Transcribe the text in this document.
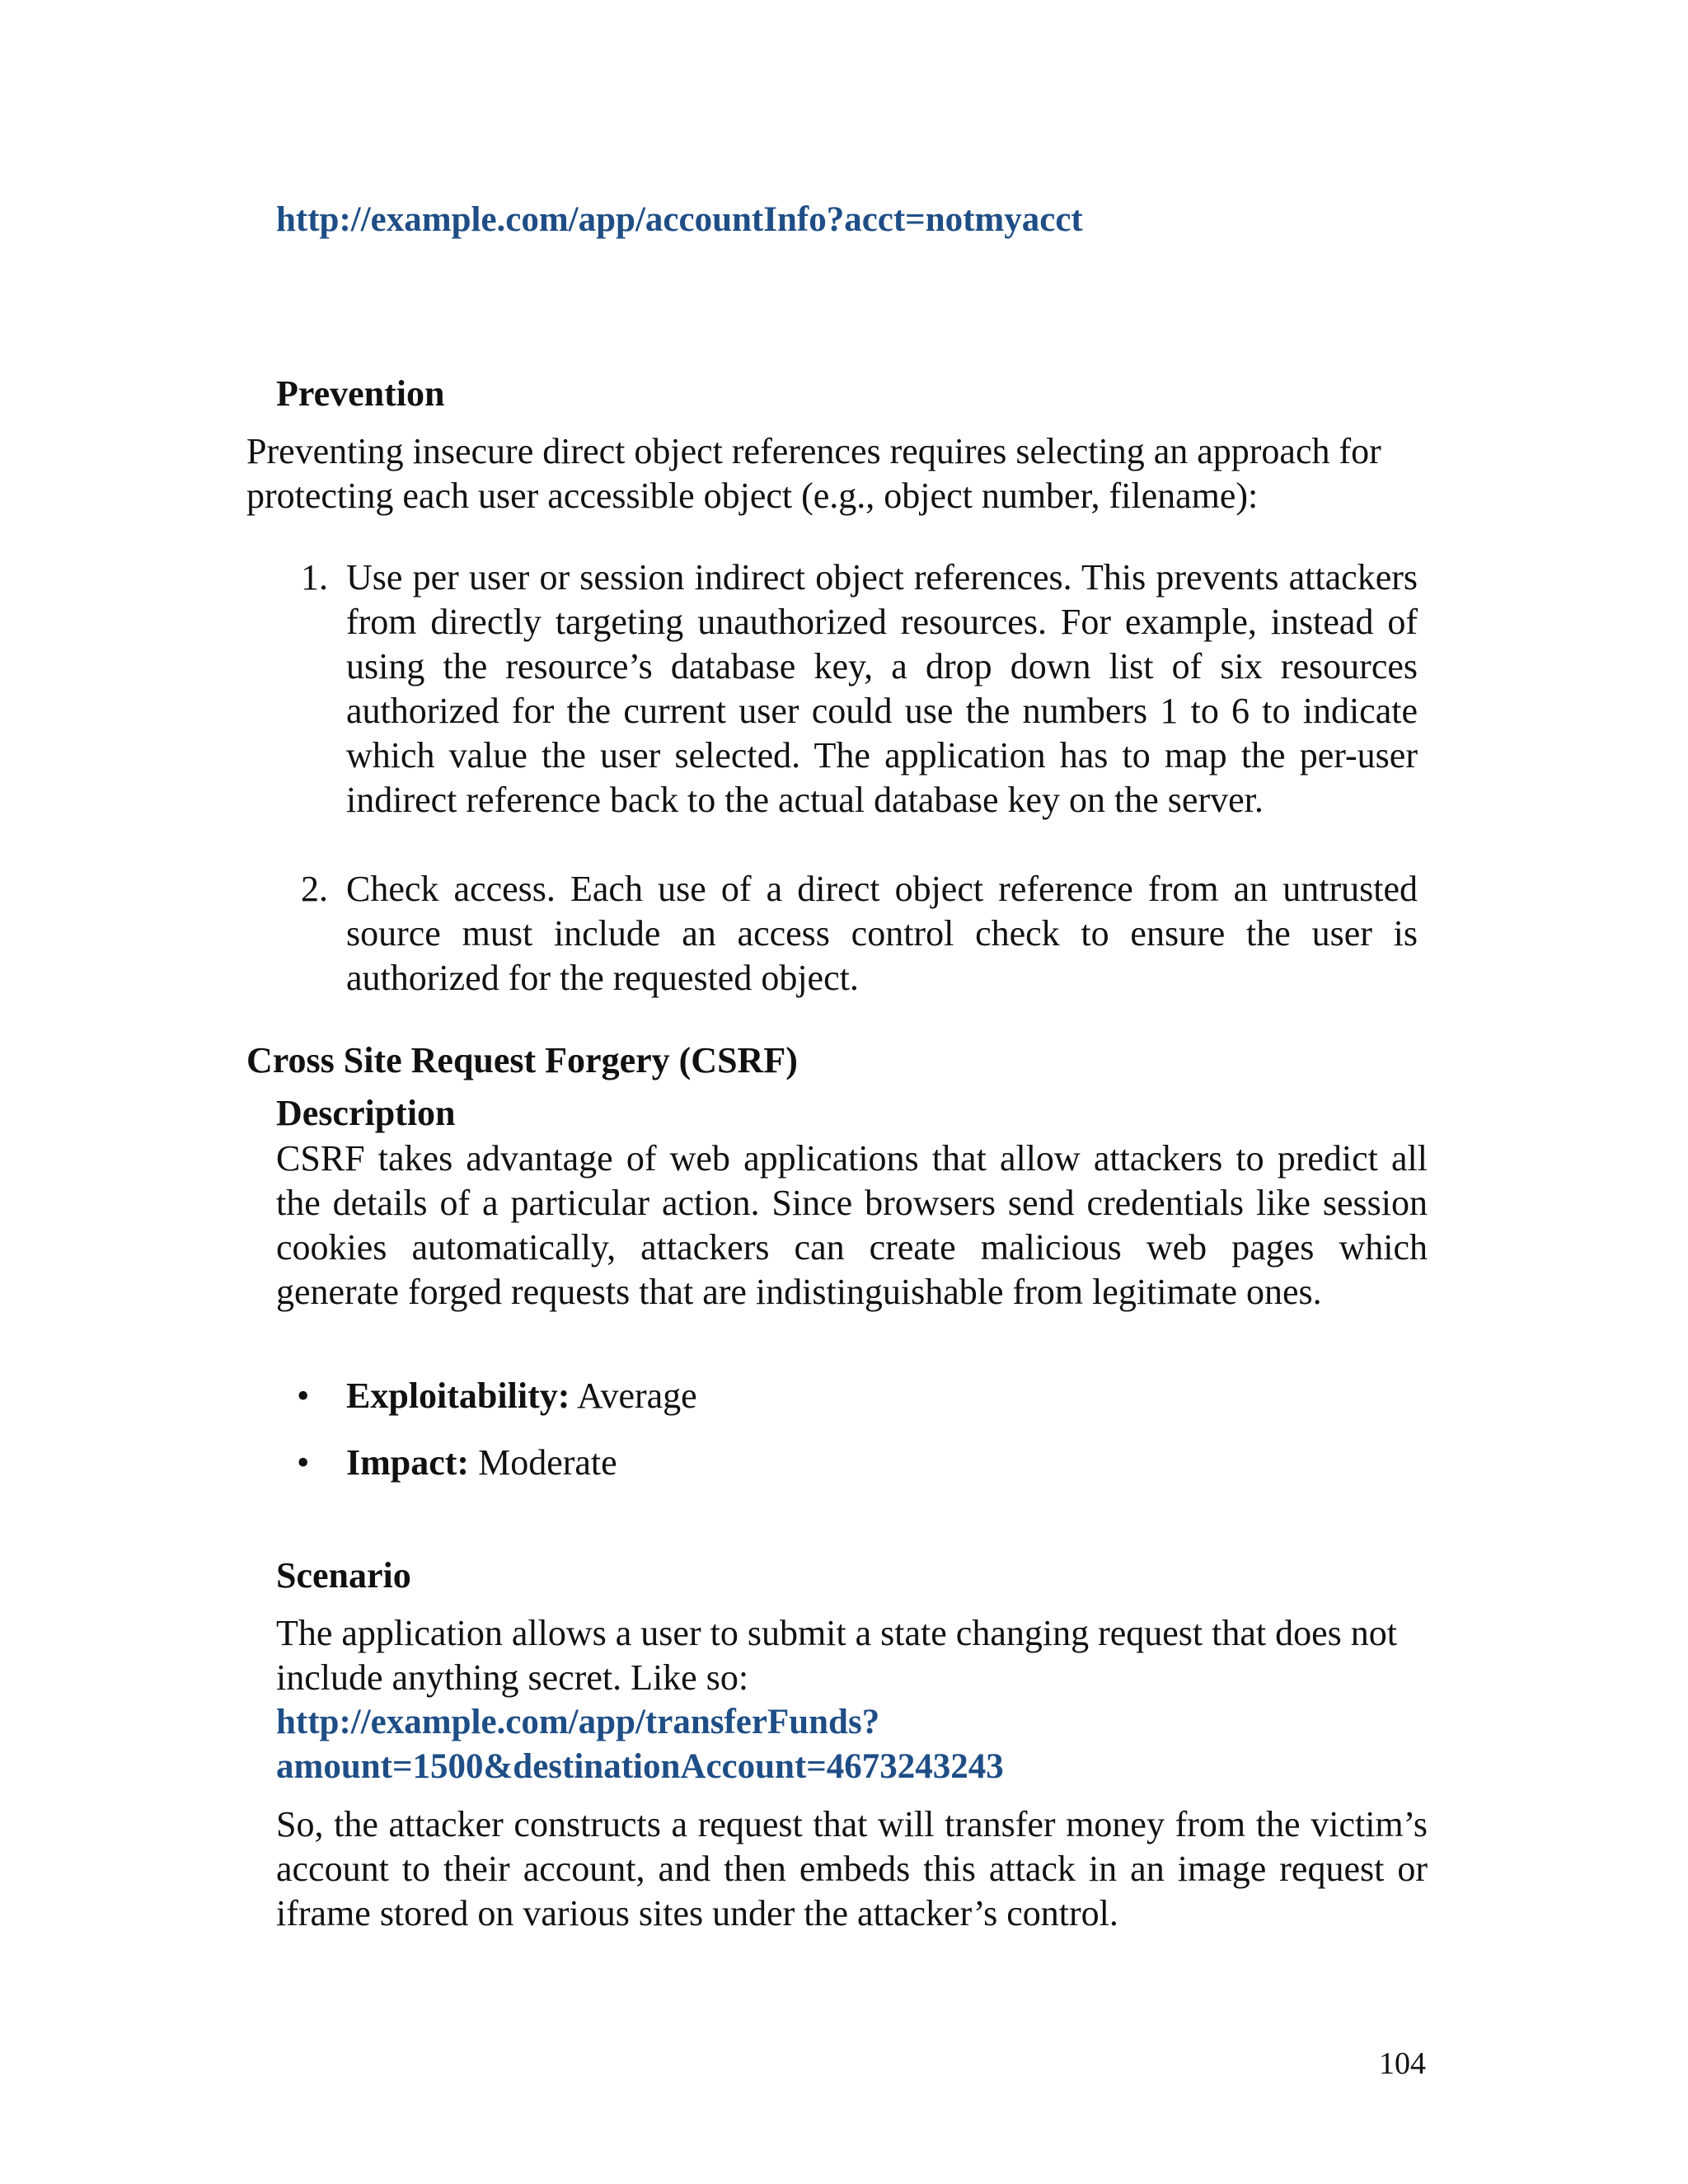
http://example.com/app/accountInfo?acct=notmyacct

Prevention

Preventing insecure direct object references requires selecting an approach for protecting each user accessible object (e.g., object number, filename):

1. Use per user or session indirect object references. This prevents attackers from directly targeting unauthorized resources. For example, instead of using the resource’s database key, a drop down list of six resources authorized for the current user could use the numbers 1 to 6 to indicate which value the user selected. The application has to map the per-user indirect reference back to the actual database key on the server.

2. Check access. Each use of a direct object reference from an untrusted source must include an access control check to ensure the user is authorized for the requested object.

Cross Site Request Forgery (CSRF)

Description

CSRF takes advantage of web applications that allow attackers to predict all the details of a particular action. Since browsers send credentials like session cookies automatically, attackers can create malicious web pages which generate forged requests that are indistinguishable from legitimate ones.

• Exploitability: Average
• Impact: Moderate

Scenario

The application allows a user to submit a state changing request that does not include anything secret. Like so:

http://example.com/app/transferFunds?

amount=1500&destinationAccount=4673243243

So, the attacker constructs a request that will transfer money from the victim’s account to their account, and then embeds this attack in an image request or iframe stored on various sites under the attacker’s control.

104
